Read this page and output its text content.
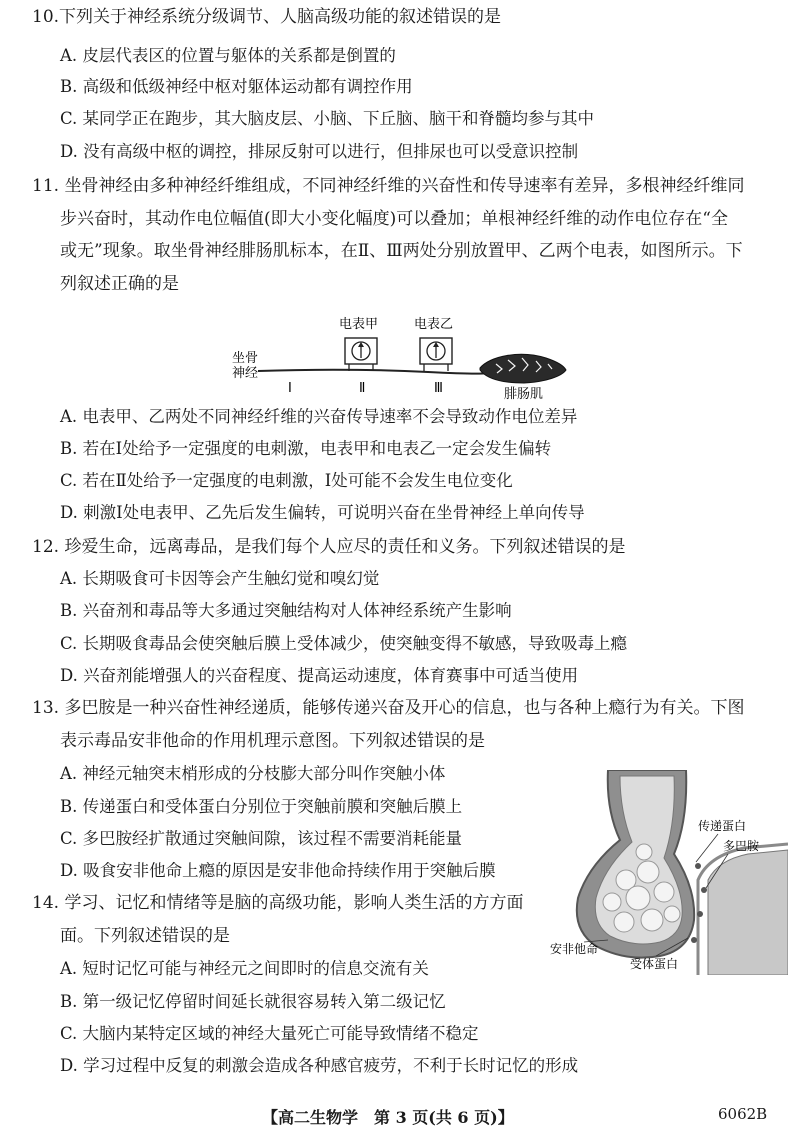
10.下列关于神经系统分级调节、人脑高级功能的叙述错误的是
A. 皮层代表区的位置与躯体的关系都是倒置的
B. 高级和低级神经中枢对躯体运动都有调控作用
C. 某同学正在跑步，其大脑皮层、小脑、下丘脑、脑干和脊髓均参与其中
D. 没有高级中枢的调控，排尿反射可以进行，但排尿也可以受意识控制
11. 坐骨神经由多种神经纤维组成，不同神经纤维的兴奋性和传导速率有差异，多根神经纤维同
步兴奋时，其动作电位幅值(即大小变化幅度)可以叠加；单根神经纤维的动作电位存在“全
或无”现象。取坐骨神经腓肠肌标本，在Ⅱ、Ⅲ两处分别放置甲、乙两个电表，如图所示。下
列叙述正确的是
电表甲	电表乙
坐骨
神经
Ⅰ	Ⅱ	Ⅲ	腓肠肌
A. 电表甲、乙两处不同神经纤维的兴奋传导速率不会导致动作电位差异
B. 若在Ⅰ处给予一定强度的电刺激，电表甲和电表乙一定会发生偏转
C. 若在Ⅱ处给予一定强度的电刺激，Ⅰ处可能不会发生电位变化
D. 刺激Ⅰ处电表甲、乙先后发生偏转，可说明兴奋在坐骨神经上单向传导
12. 珍爱生命，远离毒品，是我们每个人应尽的责任和义务。下列叙述错误的是
A. 长期吸食可卡因等会产生触幻觉和嗅幻觉
B. 兴奋剂和毒品等大多通过突触结构对人体神经系统产生影响
C. 长期吸食毒品会使突触后膜上受体减少，使突触变得不敏感，导致吸毒上瘾
D. 兴奋剂能增强人的兴奋程度、提高运动速度，体育赛事中可适当使用
13. 多巴胺是一种兴奋性神经递质，能够传递兴奋及开心的信息，也与各种上瘾行为有关。下图
表示毒品安非他命的作用机理示意图。下列叙述错误的是
A. 神经元轴突末梢形成的分枝膨大部分叫作突触小体
B. 传递蛋白和受体蛋白分别位于突触前膜和突触后膜上
C. 多巴胺经扩散通过突触间隙，该过程不需要消耗能量
D. 吸食安非他命上瘾的原因是安非他命持续作用于突触后膜
传递蛋白
多巴胺
安非他命
受体蛋白
14. 学习、记忆和情绪等是脑的高级功能，影响人类生活的方方面
面。下列叙述错误的是
A. 短时记忆可能与神经元之间即时的信息交流有关
B. 第一级记忆停留时间延长就很容易转入第二级记忆
C. 大脑内某特定区域的神经大量死亡可能导致情绪不稳定
D. 学习过程中反复的刺激会造成各种感官疲劳，不利于长时记忆的形成
【高二生物学　第 3 页(共 6 页)】	6062B
